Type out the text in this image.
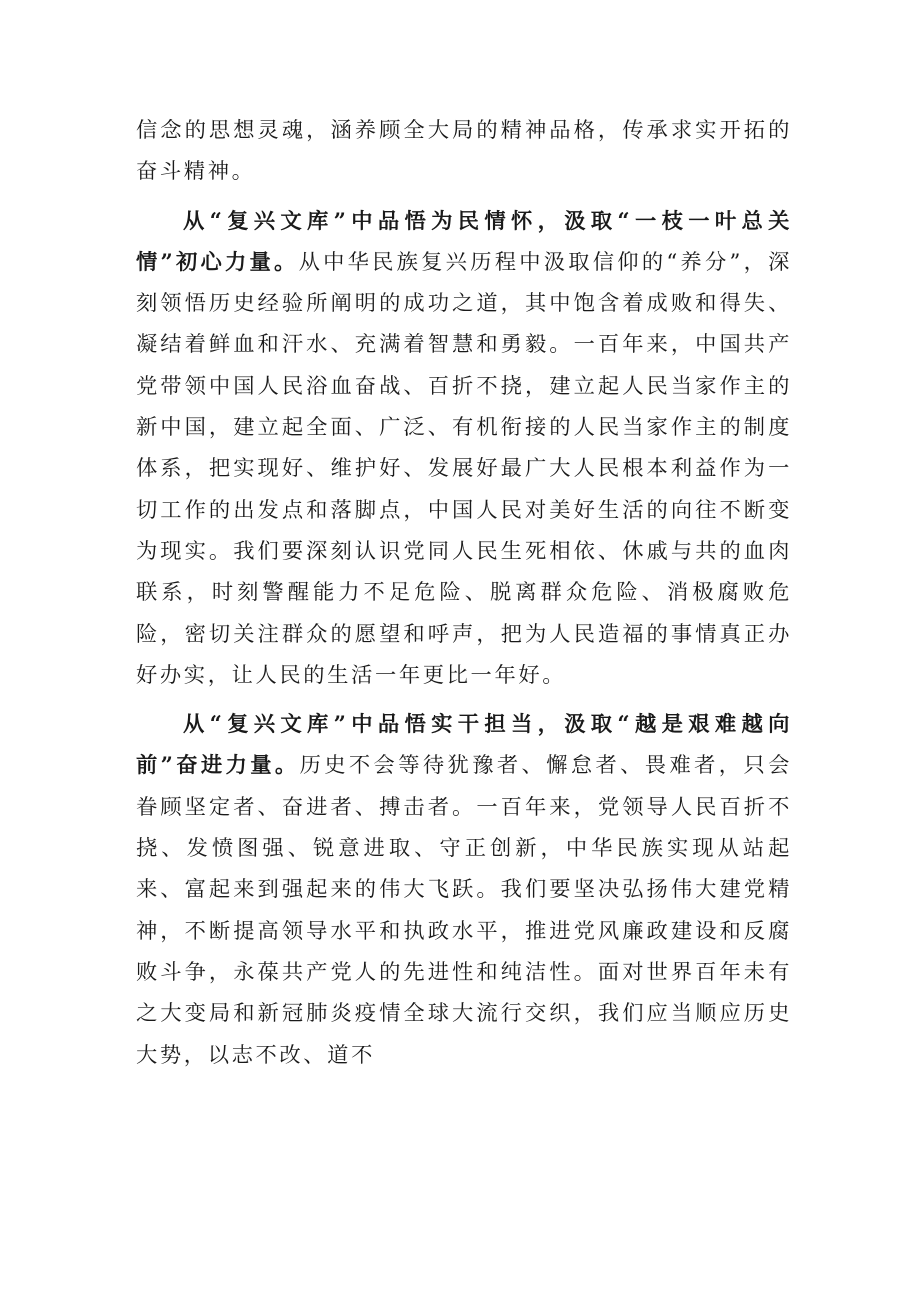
信念的思想灵魂，涵养顾全大局的精神品格，传承求实开拓的奋斗精神。

从“复兴文库”中品悟为民情怀，汲取“一枝一叶总关情”初心力量。从中华民族复兴历程中汲取信仰的“养分”，深刻领悟历史经验所阐明的成功之道，其中饱含着成败和得失、凝结着鲜血和汗水、充满着智慧和勇毅。一百年来，中国共产党带领中国人民浴血奋战、百折不挠，建立起人民当家作主的新中国，建立起全面、广泛、有机衔接的人民当家作主的制度体系，把实现好、维护好、发展好最广大人民根本利益作为一切工作的出发点和落脚点，中国人民对美好生活的向往不断变为现实。我们要深刻认识党同人民生死相依、休戚与共的血肉联系，时刻警醒能力不足危险、脱离群众危险、消极腐败危险，密切关注群众的愿望和呼声，把为人民造福的事情真正办好办实，让人民的生活一年更比一年好。

从“复兴文库”中品悟实干担当，汲取“越是艰难越向前”奋进力量。历史不会等待犹豫者、懈怠者、畏难者，只会眷顾坚定者、奋进者、搏击者。一百年来，党领导人民百折不挠、发愤图强、锐意进取、守正创新，中华民族实现从站起来、富起来到强起来的伟大飞跃。我们要坚决弘扬伟大建党精神，不断提高领导水平和执政水平，推进党风廉政建设和反腐败斗争，永葆共产党人的先进性和纯洁性。面对世界百年未有之大变局和新冠肺炎疫情全球大流行交织，我们应当顺应历史大势，以志不改、道不
